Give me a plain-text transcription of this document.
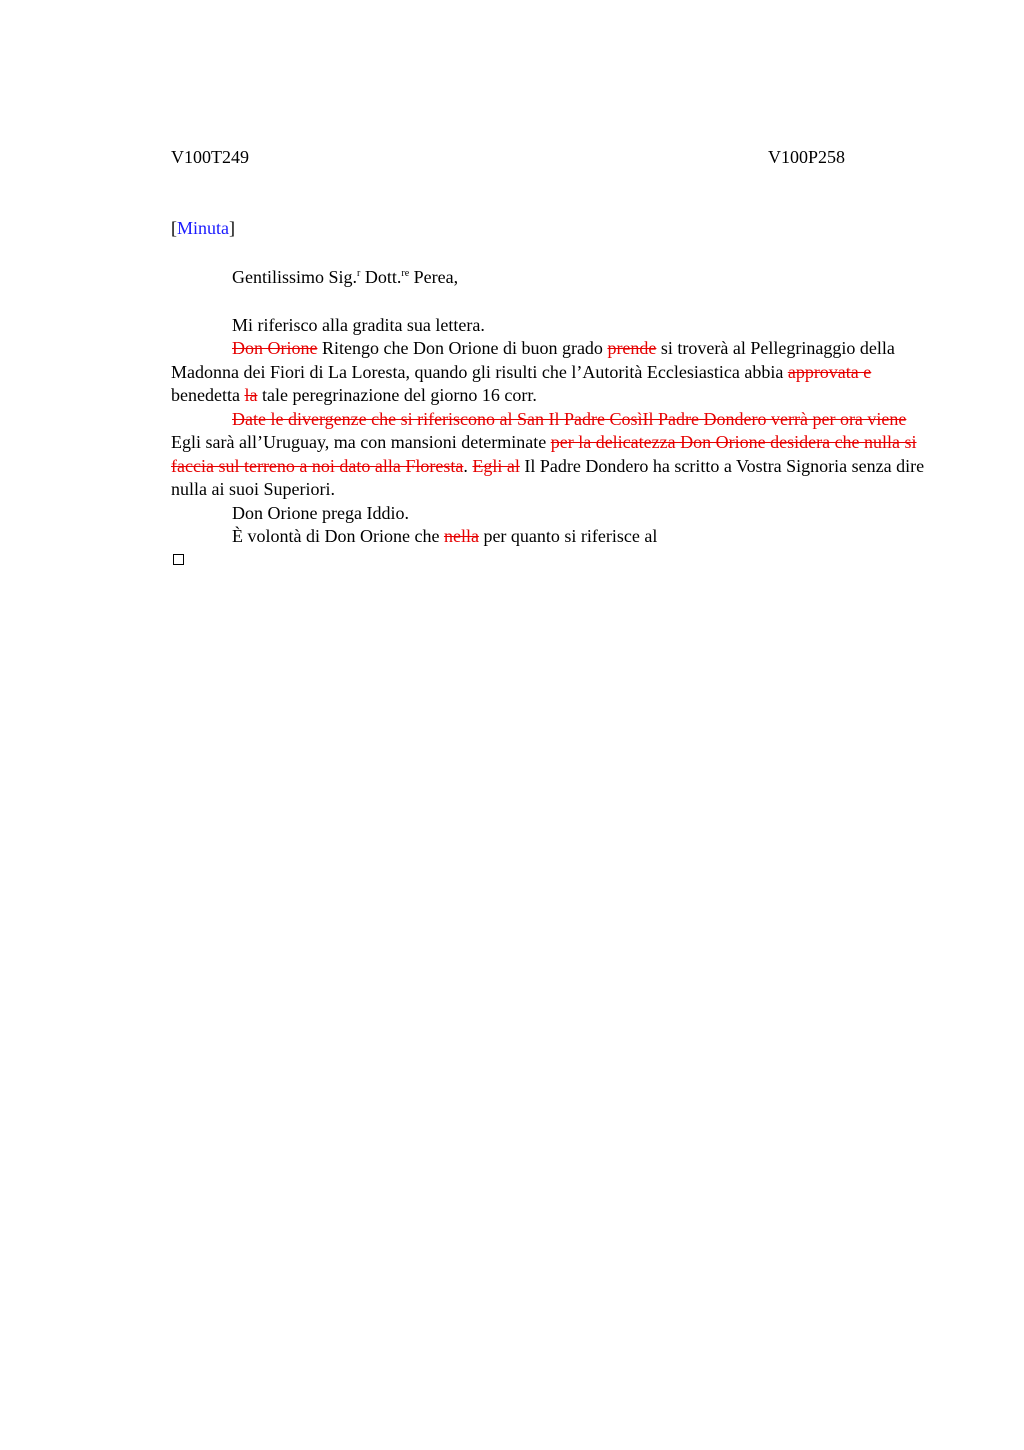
V100T249	V100P258
[Minuta]

Gentilissimo Sig.$^r$ Dott.$^{re}$ Perea,

Mi riferisco alla gradita sua lettera.

Don Orione Ritengo che Don Orione di buon grado prende si troverà al Pellegrinaggio della Madonna dei Fiori di La Loresta, quando gli risulti che l’Autorità Ecclesiastica abbia approvata e benedetta la tale peregrinazione del giorno 16 corr.

Date le divergenze che si riferiscono al San Il Padre CosìIl Padre Dondero verrà per ora viene Egli sarà all’Uruguay, ma con mansioni determinate per la delicatezza Don Orione desidera che nulla si faccia sul terreno a noi dato alla Floresta. Egli al Il Padre Dondero ha scritto a Vostra Signoria senza dire nulla ai suoi Superiori.

Don Orione prega Iddio.

È volontà di Don Orione che nella per quanto si riferisce al
